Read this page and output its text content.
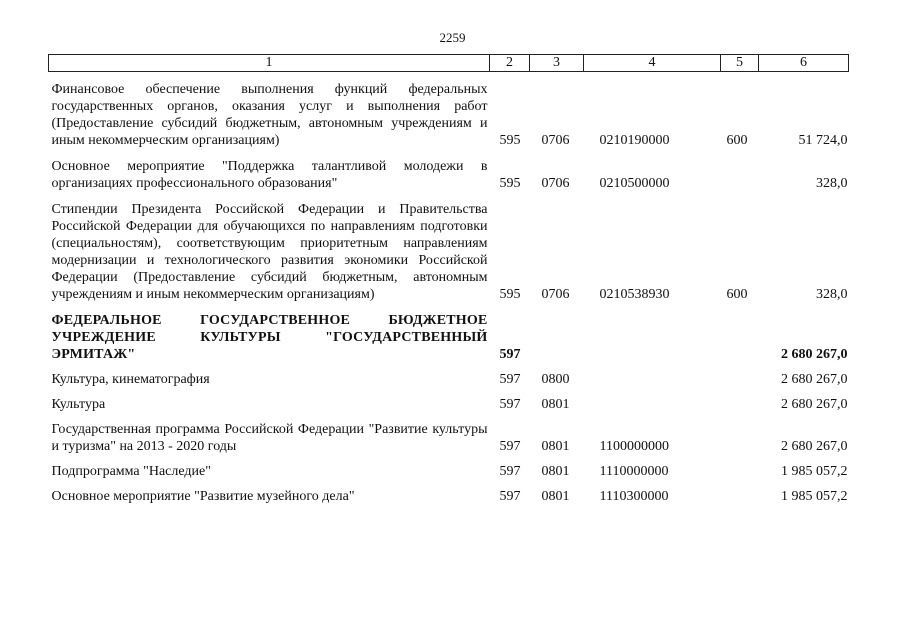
2259
1	2	3	4	5	6
Финансовое обеспечение выполнения функций федеральных государственных органов, оказания услуг и выполнения работ (Предоставление субсидий бюджетным, автономным учреждениям и иным некоммерческим организациям)	595	0706	0210190000	600	51 724,0
Основное мероприятие "Поддержка талантливой молодежи в организациях профессионального образования"	595	0706	0210500000		328,0
Стипендии Президента Российской Федерации и Правительства Российской Федерации для обучающихся по направлениям подготовки (специальностям), соответствующим приоритетным направлениям модернизации и технологического развития экономики Российской Федерации (Предоставление субсидий бюджетным, автономным учреждениям и иным некоммерческим организациям)	595	0706	0210538930	600	328,0
ФЕДЕРАЛЬНОЕ ГОСУДАРСТВЕННОЕ БЮДЖЕТНОЕ УЧРЕЖДЕНИЕ КУЛЬТУРЫ "ГОСУДАРСТВЕННЫЙ ЭРМИТАЖ"	597				2 680 267,0
Культура, кинематография	597	0800			2 680 267,0
Культура	597	0801			2 680 267,0
Государственная программа Российской Федерации "Развитие культуры и туризма" на 2013 - 2020 годы	597	0801	1100000000		2 680 267,0
Подпрограмма "Наследие"	597	0801	1110000000		1 985 057,2
Основное мероприятие "Развитие музейного дела"	597	0801	1110300000		1 985 057,2
